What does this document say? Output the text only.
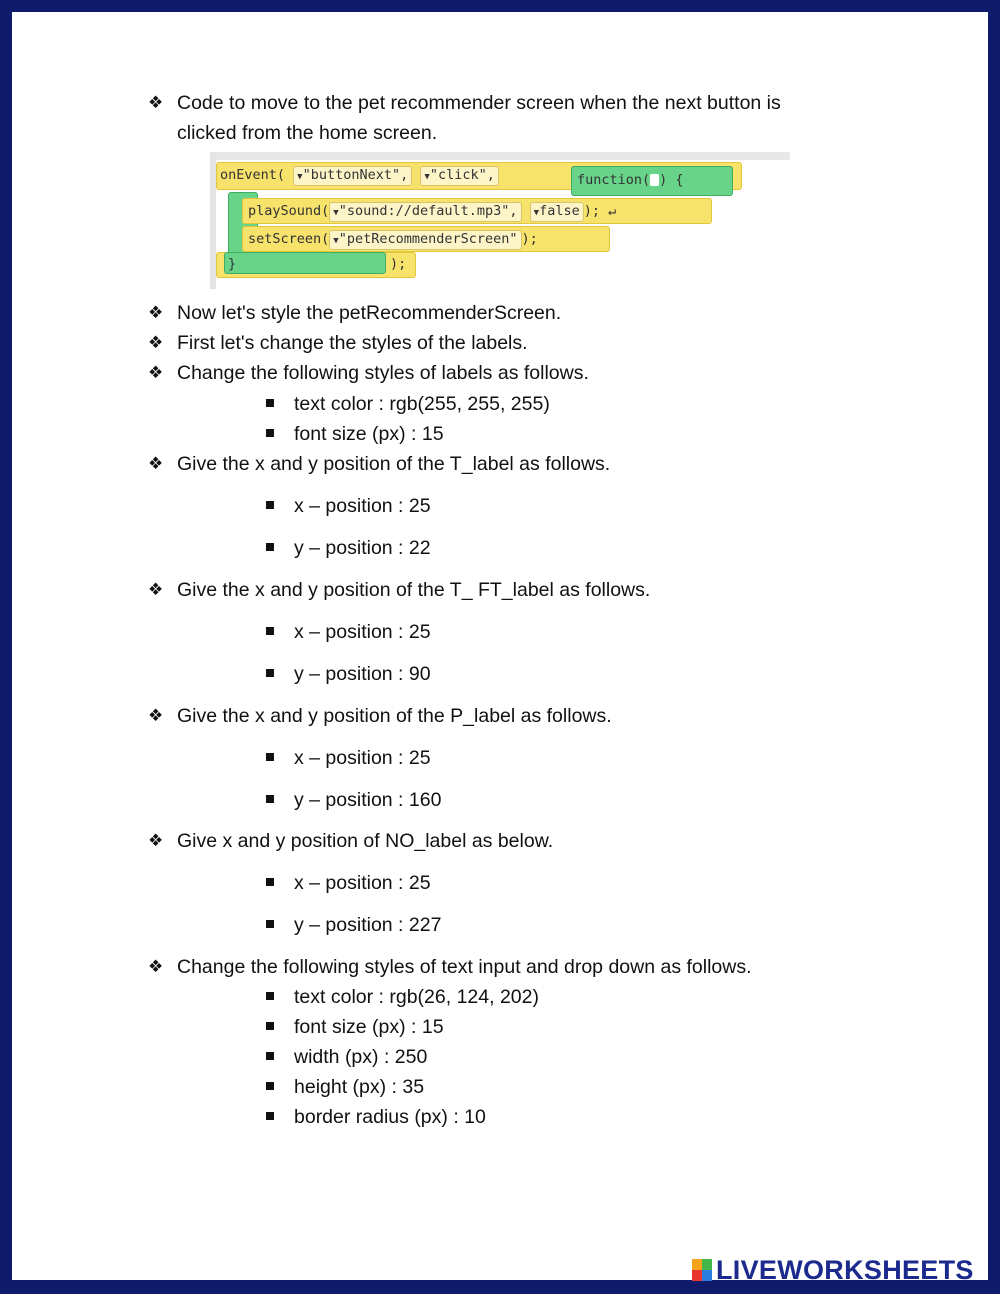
❖ Code to move to the pet recommender screen when the next button is
clicked from the home screen.
onEvent( ▼"buttonNext", ▼"click",	function( ) {
playSound( ▼"sound://default.mp3", ▼false ); ↵
setScreen( ▼"petRecommenderScreen" );
}	);
❖ Now let's style the petRecommenderScreen.
❖ First let's change the styles of the labels.
❖ Change the following styles of labels as follows.
text color : rgb(255, 255, 255)
font size (px) : 15
❖ Give the x and y position of the T_label as follows.
x – position : 25
y – position : 22
❖ Give the x and y position of the T_ FT_label as follows.
x – position : 25
y – position : 90
❖ Give the x and y position of the P_label as follows.
x – position : 25
y – position : 160
❖ Give x and y position of NO_label as below.
x – position : 25
y – position : 227
❖ Change the following styles of text input and drop down as follows.
text color : rgb(26, 124, 202)
font size (px) : 15
width (px) : 250
height (px) : 35
border radius (px) : 10
LIVEWORKSHEETS
